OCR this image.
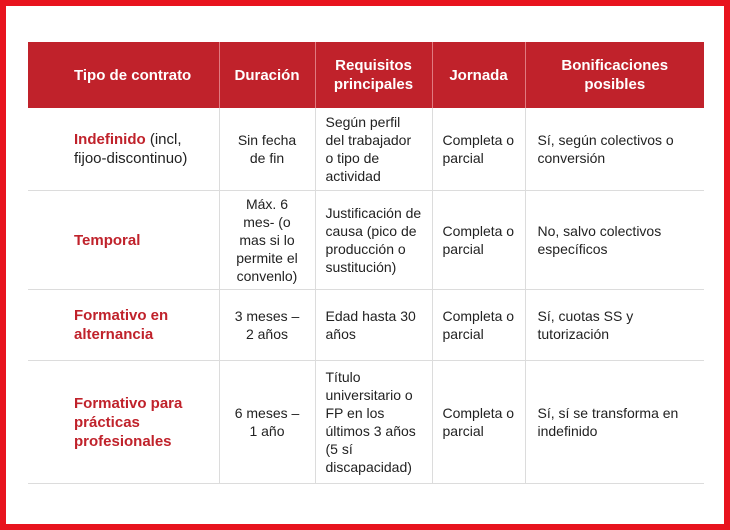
Tipo de contrato	Duración	Requisitos principales	Jornada	Bonificaciones posibles
Indefinido (incl, fijoo-discontinuo)	Sin fecha de fin	Según perfil del trabajador o tipo de actividad	Completa o parcial	Sí, según colectivos o conversión
Temporal	Máx. 6 mes- (o mas si lo permite el convenlo)	Justificación de causa (pico de producción o sustitución)	Completa o parcial	No, salvo colectivos específicos
Formativo en alternancia	3 meses – 2 años	Edad hasta 30 años	Completa o parcial	Sí, cuotas SS y tutorización
Formativo para prácticas profesionales	6 meses – 1 año	Título universitario o FP en los últimos 3 años (5 sí discapacidad)	Completa o parcial	Sí, sí se transforma en indefinido
